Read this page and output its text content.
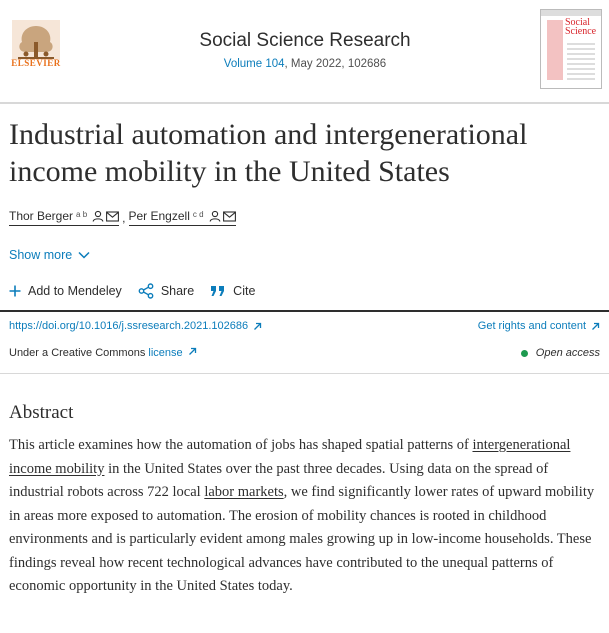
ELSEVIER
Social Science Research
Volume 104, May 2022, 102686
Social Science
Industrial automation and intergenerational income mobility in the United States
Thor Berger $^{a b}$	, Per Engzell $^{c d}$
Show more
Add to Mendeley	Share	Cite
https://doi.org/10.1016/j.ssresearch.2021.102686	Get rights and content
Under a Creative Commons license	Open access
Abstract

This article examines how the automation of jobs has shaped spatial patterns of intergenerational income mobility in the United States over the past three decades. Using data on the spread of industrial robots across 722 local labor markets, we find significantly lower rates of upward mobility in areas more exposed to automation. The erosion of mobility chances is rooted in childhood environments and is particularly evident among males growing up in low-income households. These findings reveal how recent technological advances have contributed to the unequal patterns of economic opportunity in the United States today.
